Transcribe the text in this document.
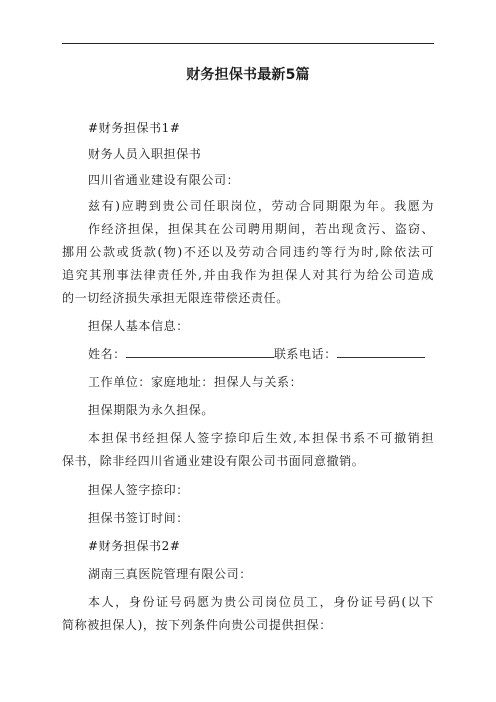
财务担保书最新5篇
#财务担保书1#
财务人员入职担保书
四川省通业建设有限公司：
兹有)应聘到贵公司任职岗位，劳动合同期限为年。我愿为
作经济担保，担保其在公司聘用期间，若出现贪污、盗窃、
挪用公款或货款(物)不还以及劳动合同违约等行为时,除依法可
追究其刑事法律责任外,并由我作为担保人对其行为给公司造成
的一切经济损失承担无限连带偿还责任。
担保人基本信息：
姓名：	联系电话：
工作单位：家庭地址：担保人与关系：
担保期限为永久担保。
本担保书经担保人签字捺印后生效,本担保书系不可撤销担
保书，除非经四川省通业建设有限公司书面同意撤销。
担保人签字捺印：
担保书签订时间：
#财务担保书2#
湖南三真医院管理有限公司：
本人，身份证号码愿为贵公司岗位员工，身份证号码(以下
简称被担保人)，按下列条件向贵公司提供担保：
